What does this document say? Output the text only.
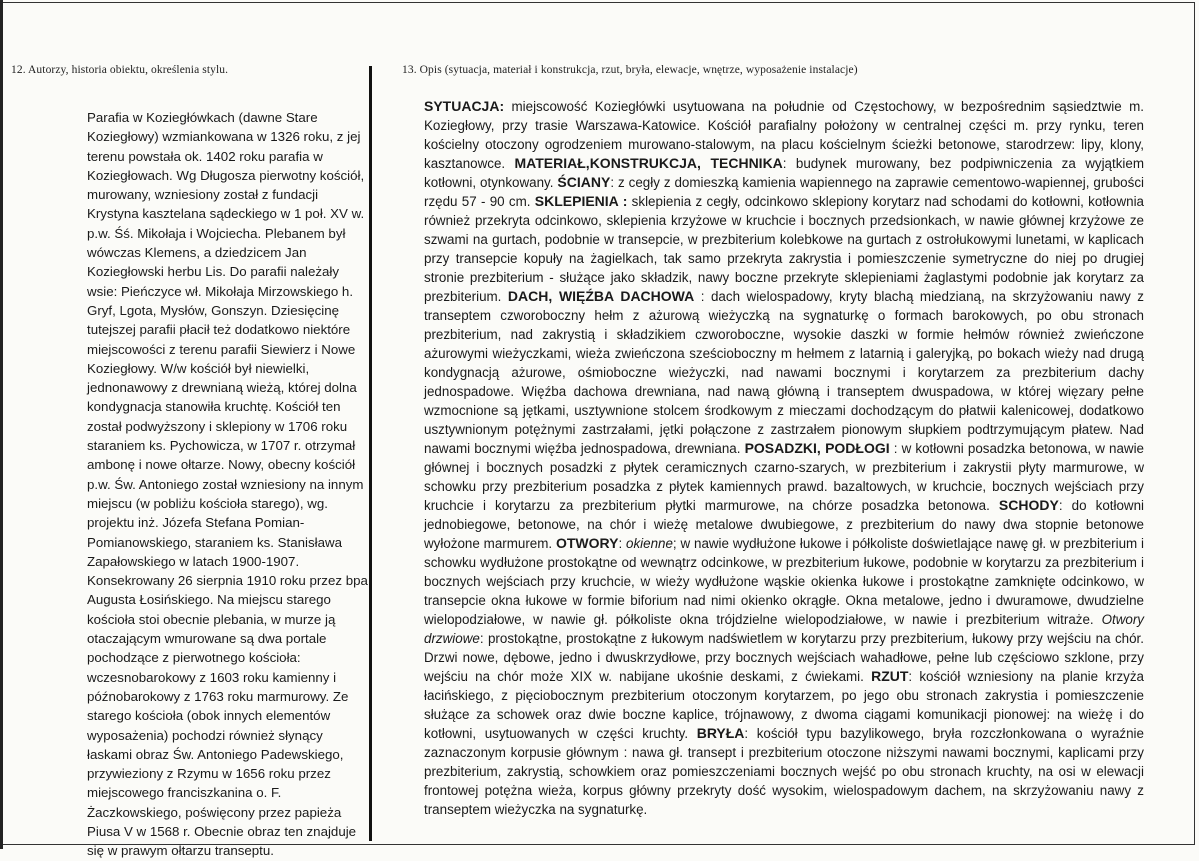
12. Autorzy, historia obiektu, określenia stylu.	13. Opis (sytuacja, materiał i konstrukcja, rzut, bryła, elewacje, wnętrze, wyposażenie instalacje)
Parafia w Koziegłówkach (dawne Stare Koziegłowy) wzmiankowana w 1326 roku, z jej terenu powstała ok. 1402 roku parafia w Koziegłowach. Wg Długosza pierwotny kościół, murowany, wzniesiony został z fundacji Krystyna kasztelana sądeckiego w 1 poł. XV w. p.w. Śś. Mikołaja i Wojciecha. Plebanem był wówczas Klemens, a dziedzicem Jan Koziegłowski herbu Lis. Do parafii należały wsie: Pieńczyce wł. Mikołaja Mirzowskiego h. Gryf, Lgota, Mysłów, Gonszyn. Dziesięcinę tutejszej parafii płacił też dodatkowo niektóre miejscowości z terenu parafii Siewierz i Nowe Koziegłowy. W/w kościół był niewielki, jednonawowy z drewnianą wieżą, której dolna kondygnacja stanowiła kruchtę. Kościół ten został podwyższony i sklepiony w 1706 roku staraniem ks. Pychowicza, w 1707 r. otrzymał ambonę i nowe ołtarze. Nowy, obecny kościół p.w. Św. Antoniego został wzniesiony na innym miejscu (w pobliżu kościoła starego), wg. projektu inż. Józefa Stefana Pomian-Pomianowskiego, staraniem ks. Stanisława Zapałowskiego w latach 1900-1907. Konsekrowany 26 sierpnia 1910 roku przez bpa Augusta Łosińskiego. Na miejscu starego kościoła stoi obecnie plebania, w murze ją otaczającym wmurowane są dwa portale pochodzące z pierwotnego kościoła: wczesnobarokowy z 1603 roku kamienny i późnobarokowy z 1763 roku marmurowy. Ze starego kościoła (obok innych elementów wyposażenia) pochodzi również słynący łaskami obraz Św. Antoniego Padewskiego, przywieziony z Rzymu w 1656 roku przez miejscowego franciszkanina o. F. Żaczkowskiego, poświęcony przez papieża Piusa V w 1568 r. Obecnie obraz ten znajduje się w prawym ołtarzu transeptu.
SYTUACJA: miejscowość Koziegłówki usytuowana na południe od Częstochowy, w bezpośrednim sąsiedztwie m. Koziegłowy, przy trasie Warszawa-Katowice. Kościół parafialny położony w centralnej części m. przy rynku, teren kościelny otoczony ogrodzeniem murowano-stalowym, na placu kościelnym ścieżki betonowe, starodrzew: lipy, klony, kasztanowce. MATERIAŁ,KONSTRUKCJA, TECHNIKA: budynek murowany, bez podpiwniczenia za wyjątkiem kotłowni, otynkowany. ŚCIANY: z cegły z domieszką kamienia wapiennego na zaprawie cementowo-wapiennej, grubości rzędu 57 - 90 cm. SKLEPIENIA : sklepienia z cegły, odcinkowo sklepiony korytarz nad schodami do kotłowni, kotłownia również przekryta odcinkowo, sklepienia krzyżowe w kruchcie i bocznych przedsionkach, w nawie głównej krzyżowe ze szwami na gurtach, podobnie w transepcie, w prezbiterium kolebkowe na gurtach z ostrołukowymi lunetami, w kaplicach przy transepcie kopuły na żagielkach, tak samo przekryta zakrystia i pomieszczenie symetryczne do niej po drugiej stronie prezbiterium - służące jako składzik, nawy boczne przekryte sklepieniami żaglastymi podobnie jak korytarz za prezbiterium. DACH, WIĘŹBA DACHOWA : dach wielospadowy, kryty blachą miedzianą, na skrzyżowaniu nawy z transeptem czworoboczny hełm z ażurową wieżyczką na sygnaturkę o formach barokowych, po obu stronach prezbiterium, nad zakrystią i składzikiem czworoboczne, wysokie daszki w formie hełmów również zwieńczone ażurowymi wieżyczkami, wieża zwieńczona sześcioboczny m hełmem z latarnią i galeryjką, po bokach wieży nad drugą kondygnacją ażurowe, ośmioboczne wieżyczki, nad nawami bocznymi i korytarzem za prezbiterium dachy jednospadowe. Więźba dachowa drewniana, nad nawą główną i transeptem dwuspadowa, w której więzary pełne wzmocnione są jętkami, usztywnione stolcem środkowym z mieczami dochodzącym do płatwii kalenicowej, dodatkowo usztywnionym potężnymi zastrzałami, jętki połączone z zastrzałem pionowym słupkiem podtrzymującym płatew. Nad nawami bocznymi więźba jednospadowa, drewniana. POSADZKI, PODŁOGI : w kotłowni posadzka betonowa, w nawie głównej i bocznych posadzki z płytek ceramicznych czarno-szarych, w prezbiterium i zakrystii płyty marmurowe, w schowku przy prezbiterium posadzka z płytek kamiennych prawd. bazaltowych, w kruchcie, bocznych wejściach przy kruchcie i korytarzu za prezbiterium płytki marmurowe, na chórze posadzka betonowa. SCHODY: do kotłowni jednobiegowe, betonowe, na chór i wieżę metalowe dwubiegowe, z prezbiterium do nawy dwa stopnie betonowe wyłożone marmurem. OTWORY: okienne; w nawie wydłużone łukowe i półkoliste doświetlające nawę gł. w prezbiterium i schowku wydłużone prostokątne od wewnątrz odcinkowe, w prezbiterium łukowe, podobnie w korytarzu za prezbiterium i bocznych wejściach przy kruchcie, w wieży wydłużone wąskie okienka łukowe i prostokątne zamknięte odcinkowo, w transepcie okna łukowe w formie biforium nad nimi okienko okrągłe. Okna metalowe, jedno i dwuramowe, dwudzielne wielopodziałowe, w nawie gł. półkoliste okna trójdzielne wielopodziałowe, w nawie i prezbiterium witraże. Otwory drzwiowe: prostokątne, prostokątne z łukowym nadświetlem w korytarzu przy prezbiterium, łukowy przy wejściu na chór. Drzwi nowe, dębowe, jedno i dwuskrzydłowe, przy bocznych wejściach wahadłowe, pełne lub częściowo szklone, przy wejściu na chór może XIX w. nabijane ukośnie deskami, z ćwiekami. RZUT: kościół wzniesiony na planie krzyża łacińskiego, z pięciobocznym prezbiterium otoczonym korytarzem, po jego obu stronach zakrystia i pomieszczenie służące za schowek oraz dwie boczne kaplice, trójnawowy, z dwoma ciągami komunikacji pionowej: na wieżę i do kotłowni, usytuowanych w części kruchty. BRYŁA: kościół typu bazylikowego, bryła rozczłonkowana o wyraźnie zaznaczonym korpusie głównym : nawa gł. transept i prezbiterium otoczone niższymi nawami bocznymi, kaplicami przy prezbiterium, zakrystią, schowkiem oraz pomieszczeniami bocznych wejść po obu stronach kruchty, na osi w elewacji frontowej potężna wieża, korpus główny przekryty dość wysokim, wielospadowym dachem, na skrzyżowaniu nawy z transeptem wieżyczka na sygnaturkę.
